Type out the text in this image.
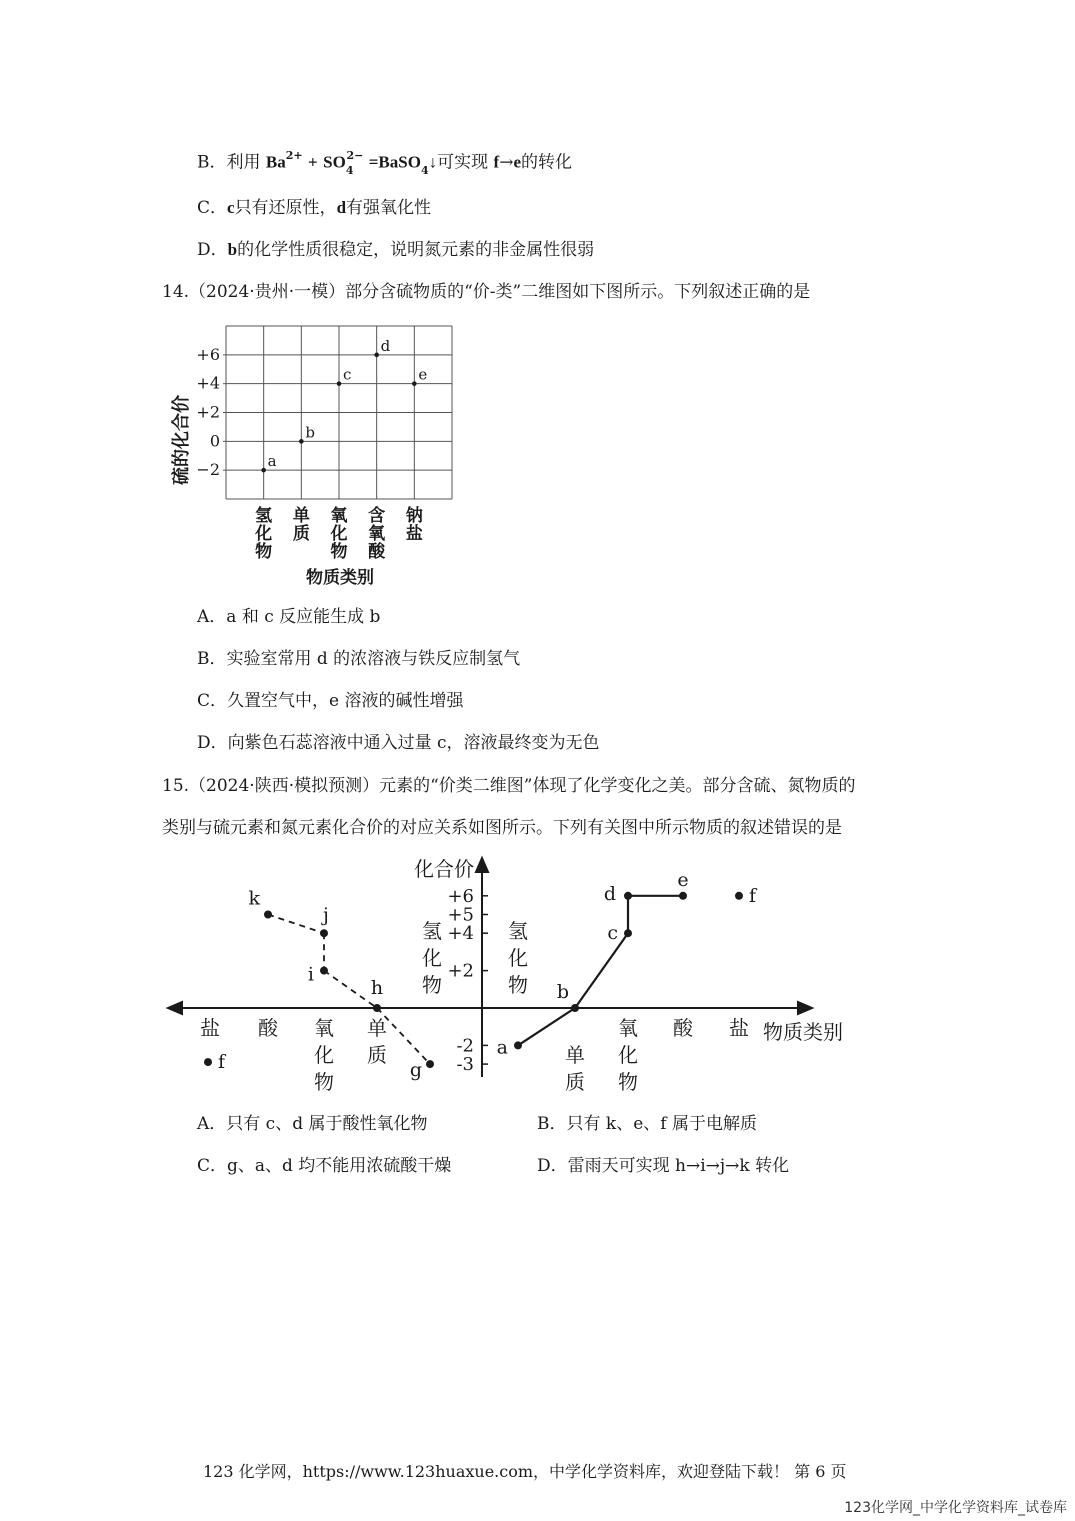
B．利用 $Ba^{2+} + SO_4^{2-}$ =BaSO$_4$↓可实现 f→e的转化
C．c只有还原性，d有强氧化性
D．b的化学性质很稳定，说明氮元素的非金属性很弱
14.（2024·贵州·一模）部分含硫物质的“价-类”二维图如下图所示。下列叙述正确的是
+6
+4
+2
0
−2
氢
化
物
单
质
氧
化
物
含
氧
酸
钠
盐
a
b
c
d
e
硫的化合价
物质类别
A．a 和 c 反应能生成 b
B．实验室常用 d 的浓溶液与铁反应制氢气
C．久置空气中，e 溶液的碱性增强
D．向紫色石蕊溶液中通入过量 c，溶液最终变为无色
15.（2024·陕西·模拟预测）元素的“价类二维图”体现了化学变化之美。部分含硫、氮物质的
类别与硫元素和氮元素化合价的对应关系如图所示。下列有关图中所示物质的叙述错误的是
化合价
物质类别
+6
+5
+4
+2
-2
-3
盐 酸 氧
化
物
单
质
氢
化
物
氢
化
物
单
质
氧
化
物
酸 盐
k
j
i
h
g
f
a
b
c
d
e
f
A．只有 c、d 属于酸性氧化物	B．只有 k、e、f 属于电解质
C．g、a、d 均不能用浓硫酸干燥	D．雷雨天可实现 h→i→j→k 转化
123 化学网，https://www.123huaxue.com，中学化学资料库，欢迎登陆下载！ 第 6 页
123化学网_中学化学资料库_试卷库
